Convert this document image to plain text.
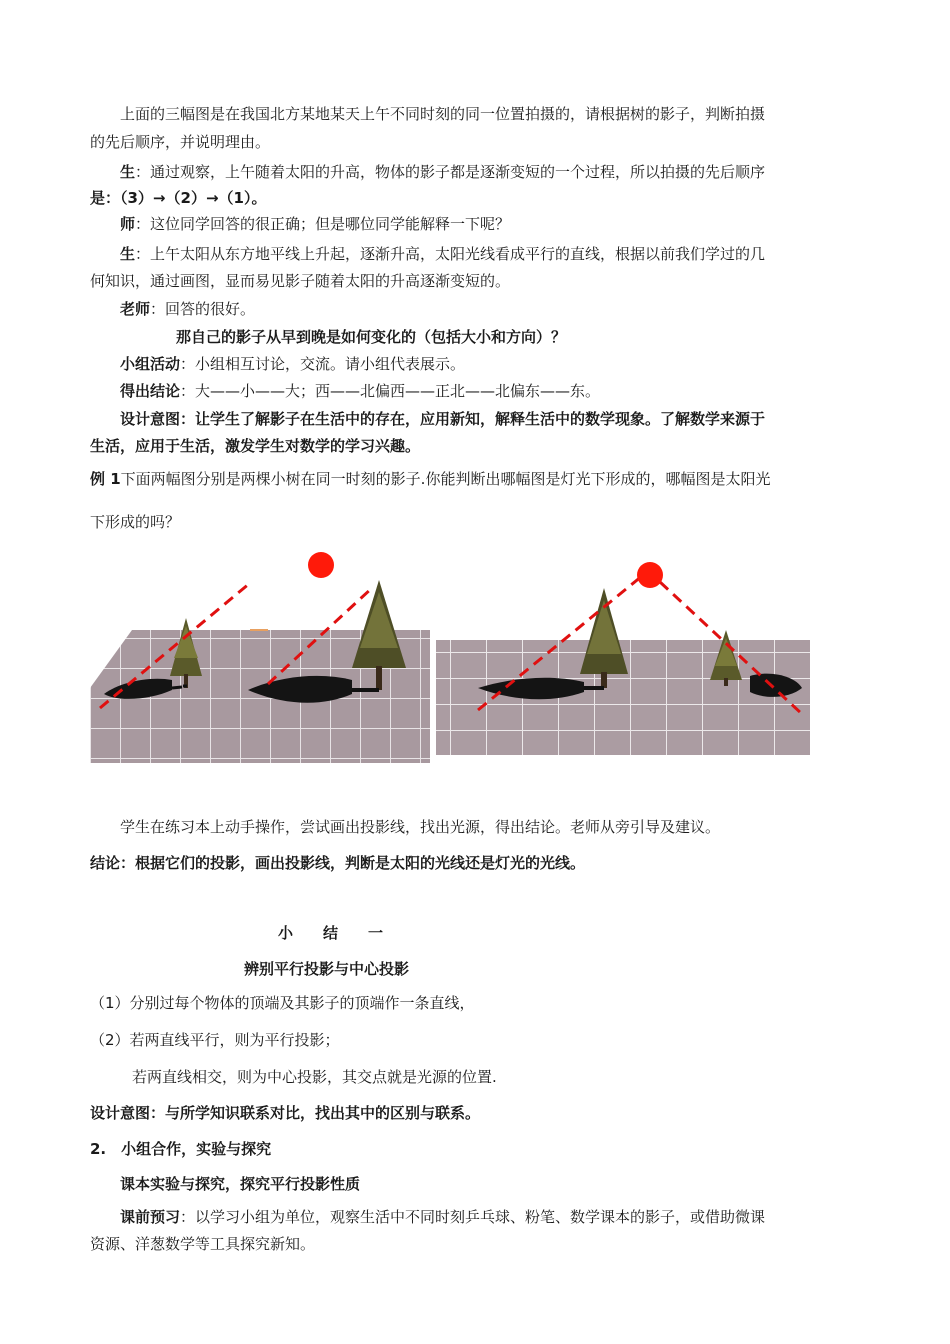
上面的三幅图是在我国北方某地某天上午不同时刻的同一位置拍摄的，请根据树的影子，判断拍摄
的先后顺序，并说明理由。
生：通过观察，上午随着太阳的升高，物体的影子都是逐渐变短的一个过程，所以拍摄的先后顺序
是：（3）→（2）→（1）。
师：这位同学回答的很正确；但是哪位同学能解释一下呢？
生：上午太阳从东方地平线上升起，逐渐升高，太阳光线看成平行的直线，根据以前我们学过的几
何知识，通过画图，显而易见影子随着太阳的升高逐渐变短的。
老师：回答的很好。
那自己的影子从早到晚是如何变化的（包括大小和方向）？
小组活动：小组相互讨论，交流。请小组代表展示。
得出结论：大——小——大；西——北偏西——正北——北偏东——东。
设计意图：让学生了解影子在生活中的存在，应用新知，解释生活中的数学现象。了解数学来源于
生活，应用于生活，激发学生对数学的学习兴趣。
例 1下面两幅图分别是两棵小树在同一时刻的影子.你能判断出哪幅图是灯光下形成的，哪幅图是太阳光
下形成的吗？
学生在练习本上动手操作，尝试画出投影线，找出光源，得出结论。老师从旁引导及建议。
结论：根据它们的投影，画出投影线，判断是太阳的光线还是灯光的光线。
小　　结　　一
辨别平行投影与中心投影
（1）分别过每个物体的顶端及其影子的顶端作一条直线，
（2）若两直线平行，则为平行投影；
若两直线相交，则为中心投影，其交点就是光源的位置.
设计意图：与所学知识联系对比，找出其中的区别与联系。
2.　小组合作，实验与探究
课本实验与探究，探究平行投影性质
课前预习：以学习小组为单位，观察生活中不同时刻乒乓球、粉笔、数学课本的影子，或借助微课
资源、洋葱数学等工具探究新知。
